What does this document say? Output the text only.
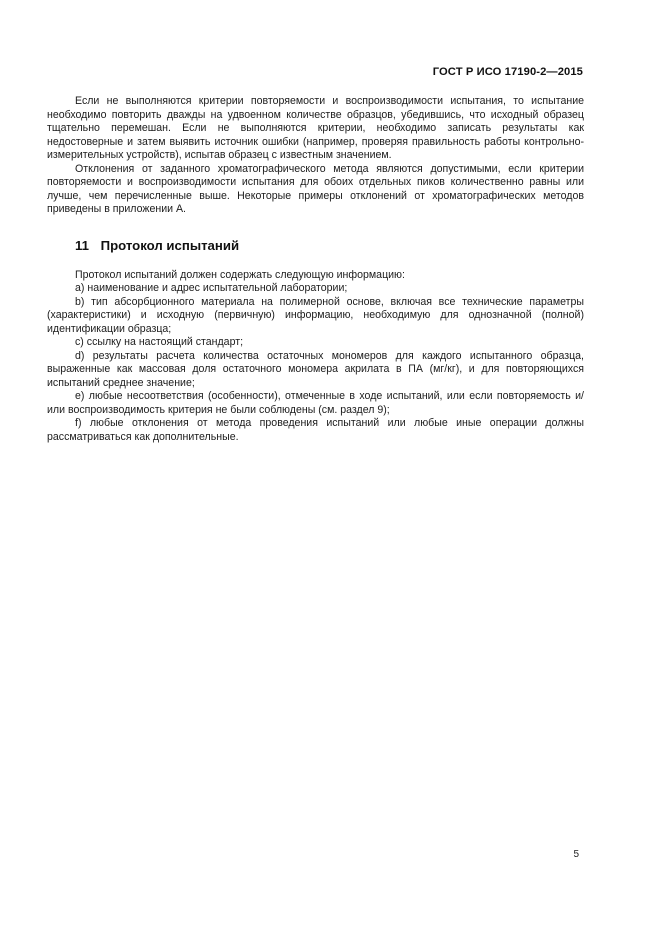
ГОСТ Р ИСО 17190-2—2015

Если не выполняются критерии повторяемости и воспроизводимости испытания, то испытание необходимо повторить дважды на удвоенном количестве образцов, убедившись, что исходный образец тщательно перемешан. Если не выполняются критерии, необходимо записать результаты как недостоверные и затем выявить источник ошибки (например, проверяя правильность работы контрольно-измерительных устройств), испытав образец с известным значением.

Отклонения от заданного хроматографического метода являются допустимыми, если критерии повторяемости и воспроизводимости испытания для обоих отдельных пиков количественно равны или лучше, чем перечисленные выше. Некоторые примеры отклонений от хроматографических методов приведены в приложении А.

11 Протокол испытаний

Протокол испытаний должен содержать следующую информацию:

а) наименование и адрес испытательной лаборатории;

b) тип абсорбционного материала на полимерной основе, включая все технические параметры (характеристики) и исходную (первичную) информацию, необходимую для однозначной (полной) идентификации образца;

c) ссылку на настоящий стандарт;

d) результаты расчета количества остаточных мономеров для каждого испытанного образца, выраженные как массовая доля остаточного мономера акрилата в ПА (мг/кг), и для повторяющихся испытаний среднее значение;

e) любые несоответствия (особенности), отмеченные в ходе испытаний, или если повторяемость и/или воспроизводимость критерия не были соблюдены (см. раздел 9);

f) любые отклонения от метода проведения испытаний или любые иные операции должны рассматриваться как дополнительные.

5
